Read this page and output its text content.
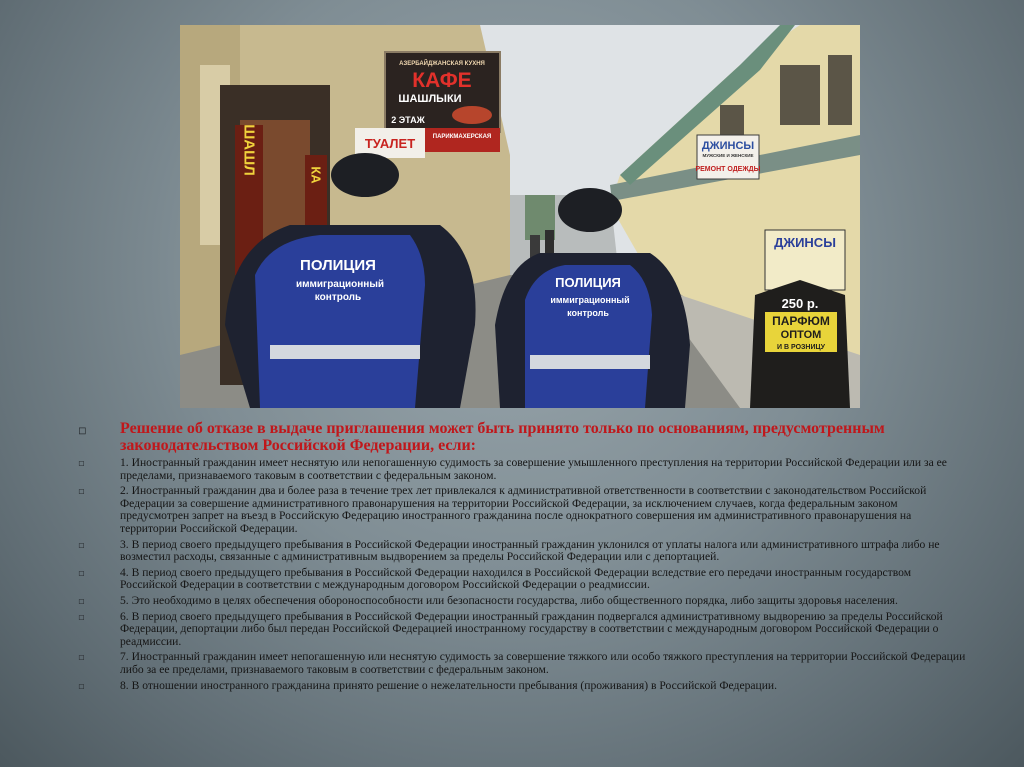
АЗЕРБАЙДЖАНСКАЯ КУХНЯ
КАФЕ
ШАШЛЫКИ
2 ЭТАЖ
ТУАЛЕТ	ПАРИКМАХЕРСКАЯ
ШАШЛ	КА
ДЖИНСЫ
МУЖСКИЕ И ЖЕНСКИЕ
РЕМОНТ ОДЕЖДЫ
ДЖИНСЫ
250 р.
ПАРФЮМ
ОПТОМ
И В РОЗНИЦУ
ПОЛИЦИЯ
иммиграционный
контроль
ПОЛИЦИЯ
иммиграционный
контроль
◽ Решение об отказе в выдаче приглашения может быть принято только по основаниям, предусмотренным законодательством Российской Федерации, если:
◽	1. Иностранный гражданин имеет неснятую или непогашенную судимость за совершение умышленного преступления на территории Российской Федерации или за ее пределами, признаваемого таковым в соответствии с федеральным законом.
◽	2. Иностранный гражданин два и более раза в течение трех лет привлекался к административной ответственности в соответствии с законодательством Российской Федерации за совершение административного правонарушения на территории Российской Федерации, за исключением случаев, когда федеральным законом предусмотрен запрет на въезд в Российскую Федерацию иностранного гражданина после однократного совершения им административного правонарушения на территории Российской Федерации.
◽	3. В период своего предыдущего пребывания в Российской Федерации иностранный гражданин уклонился от уплаты налога или административного штрафа либо не возместил расходы, связанные с административным выдворением за пределы Российской Федерации или с депортацией.
◽	4. В период своего предыдущего пребывания в Российской Федерации находился в Российской Федерации вследствие его передачи иностранным государством Российской Федерации в соответствии с международным договором Российской Федерации о реадмиссии.
◽	5. Это необходимо в целях обеспечения обороноспособности или безопасности государства, либо общественного порядка, либо защиты здоровья населения.
◽	6. В период своего предыдущего пребывания в Российской Федерации иностранный гражданин подвергался административному выдворению за пределы Российской Федерации, депортации либо был передан Российской Федерацией иностранному государству в соответствии с международным договором Российской Федерации о реадмиссии.
◽	7. Иностранный гражданин имеет непогашенную или неснятую судимость за совершение тяжкого или особо тяжкого преступления на территории Российской Федерации либо за ее пределами, признаваемого таковым в соответствии с федеральным законом.
◽	8. В отношении иностранного гражданина принято решение о нежелательности пребывания (проживания) в Российской Федерации.
